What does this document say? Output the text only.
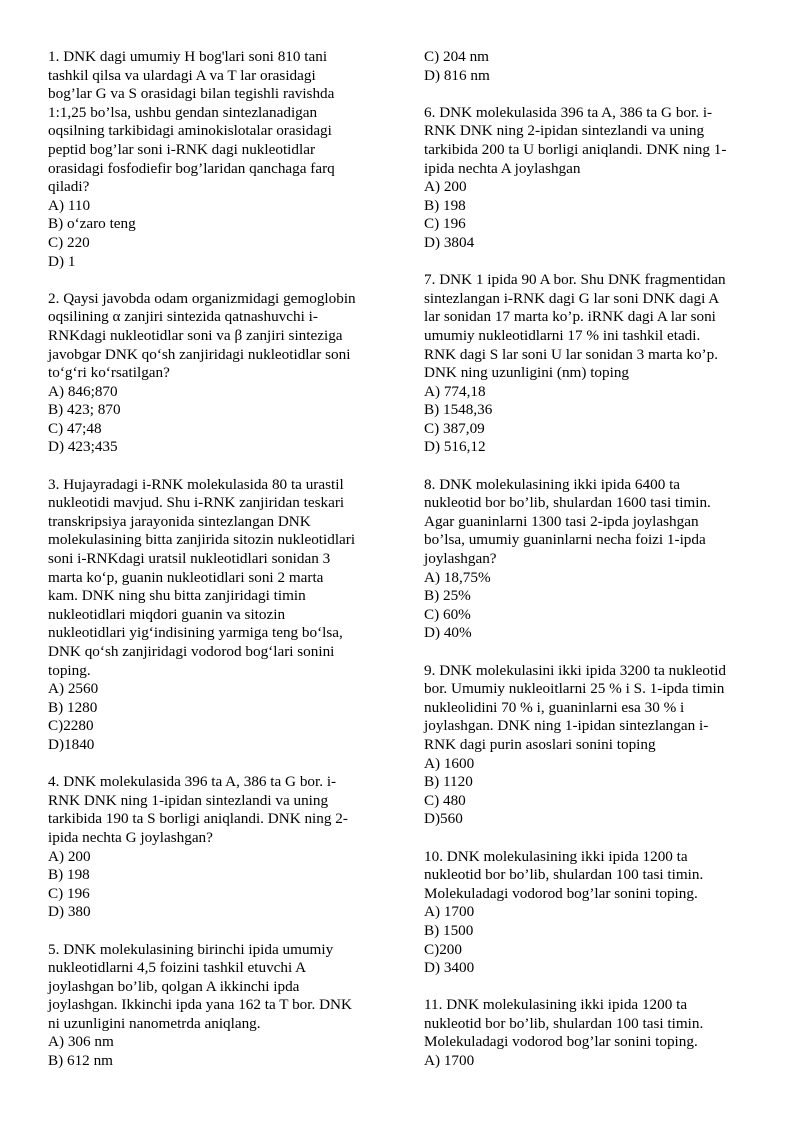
1. DNK dagi umumiy H bog'lari soni 810 tani
tashkil qilsa va ulardagi A va T lar orasidagi
bog’lar G va S orasidagi bilan tegishli ravishda
1:1,25 bo’lsa, ushbu gendan sintezlanadigan
oqsilning tarkibidagi aminokislotalar orasidagi
peptid bog’lar soni i-RNK dagi nukleotidlar
orasidagi fosfodiefir bog’laridan qanchaga farq
qiladi?

A) 110

B) o‘zaro teng

C) 220

D) 1

2. Qaysi javobda odam organizmidagi gemoglobin
oqsilining α zanjiri sintezida qatnashuvchi i-
RNKdagi nukleotidlar soni va β zanjiri sinteziga
javobgar DNK qo‘sh zanjiridagi nukleotidlar soni
to‘g‘ri ko‘rsatilgan?

A) 846;870

B) 423; 870

C) 47;48

D) 423;435

3. Hujayradagi i-RNK molekulasida 80 ta urastil
nukleotidi mavjud. Shu i-RNK zanjiridan teskari
transkripsiya jarayonida sintezlangan DNK
molekulasining bitta zanjirida sitozin nukleotidlari
soni i-RNKdagi uratsil nukleotidlari sonidan 3
marta ko‘p, guanin nukleotidlari soni 2 marta
kam. DNK ning shu bitta zanjiridagi timin
nukleotidlari miqdori guanin va sitozin
nukleotidlari yig‘indisining yarmiga teng bo‘lsa,
DNK qo‘sh zanjiridagi vodorod bog‘lari sonini
toping.

A) 2560

B) 1280

C)2280

D)1840

4. DNK molekulasida 396 ta A, 386 ta G bor. i-
RNK DNK ning 1-ipidan sintezlandi va uning
tarkibida 190 ta S borligi aniqlandi. DNK ning 2-
ipida nechta G joylashgan?

A) 200

B) 198

C) 196

D) 380

5. DNK molekulasining birinchi ipida umumiy
nukleotidlarni 4,5 foizini tashkil etuvchi A
joylashgan bo’lib, qolgan A ikkinchi ipda
joylashgan. Ikkinchi ipda yana 162 ta T bor. DNK
ni uzunligini nanometrda aniqlang.

A) 306 nm

B) 612 nm

C) 204 nm

D) 816 nm

6. DNK molekulasida 396 ta A, 386 ta G bor. i-
RNK DNK ning 2-ipidan sintezlandi va uning
tarkibida 200 ta U borligi aniqlandi. DNK ning 1-
ipida nechta A joylashgan

A) 200

B) 198

C) 196

D) 3804

7. DNK 1 ipida 90 A bor. Shu DNK fragmentidan
sintezlangan i-RNK dagi G lar soni DNK dagi A
lar sonidan 17 marta ko’p. iRNK dagi A lar soni
umumiy nukleotidlarni 17 % ini tashkil etadi.
RNK dagi S lar soni U lar sonidan 3 marta ko’p.
DNK ning uzunligini (nm) toping

A) 774,18

B) 1548,36

C) 387,09

D) 516,12

8. DNK molekulasining ikki ipida 6400 ta
nukleotid bor bo’lib, shulardan 1600 tasi timin.
Agar guaninlarni 1300 tasi 2-ipda joylashgan
bo’lsa, umumiy guaninlarni necha foizi 1-ipda
joylashgan?

A) 18,75%

B) 25%

C) 60%

D) 40%

9. DNK molekulasini ikki ipida 3200 ta nukleotid
bor. Umumiy nukleoitlarni 25 % i S. 1-ipda timin
nukleolidini 70 % i, guaninlarni esa 30 % i
joylashgan. DNK ning 1-ipidan sintezlangan i-
RNK dagi purin asoslari sonini toping

A) 1600

B) 1120

C) 480

D)560

10. DNK molekulasining ikki ipida 1200 ta
nukleotid bor bo’lib, shulardan 100 tasi timin.
Molekuladagi vodorod bog’lar sonini toping.

A) 1700

B) 1500

C)200

D) 3400

11. DNK molekulasining ikki ipida 1200 ta
nukleotid bor bo’lib, shulardan 100 tasi timin.
Molekuladagi vodorod bog’lar sonini toping.

A) 1700
